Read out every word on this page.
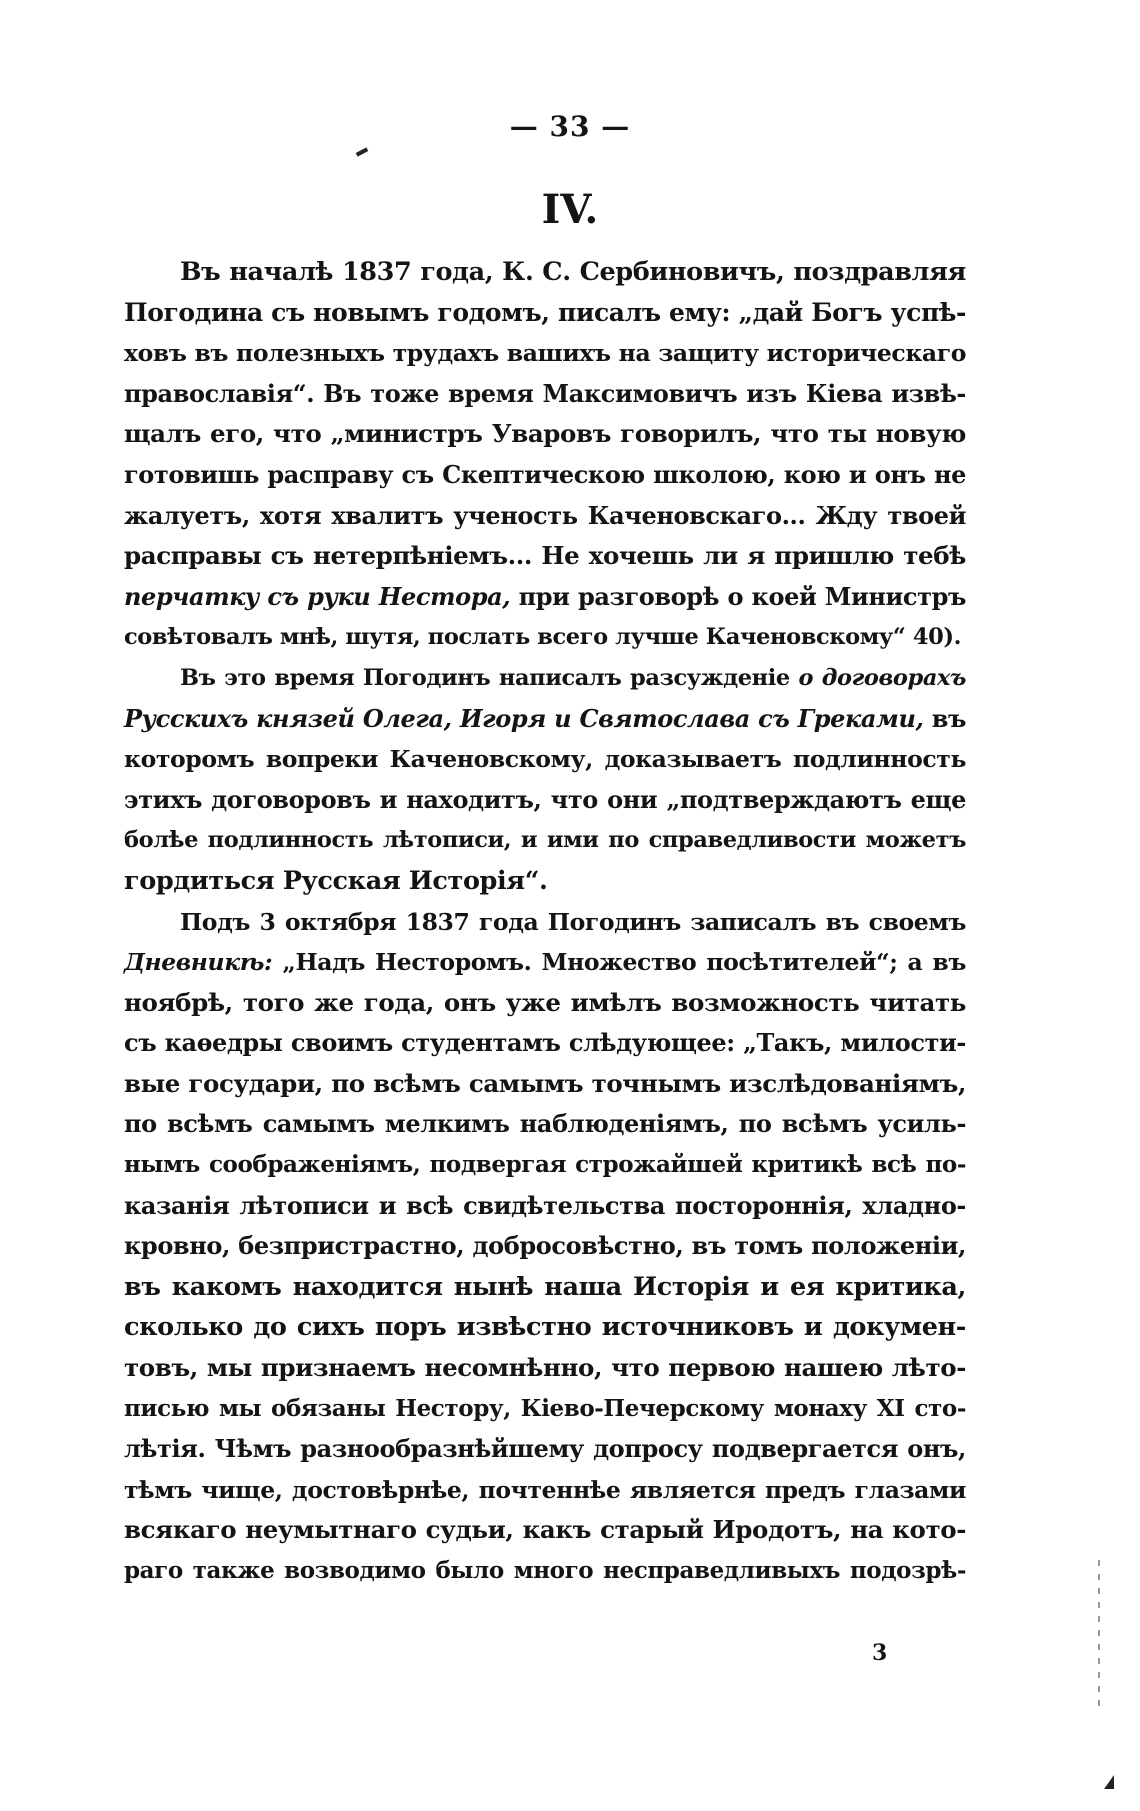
— 33 —
IV.
Въ началѣ 1837 года, К. С. Сербиновичъ, поздравляя
Погодина съ новымъ годомъ, писалъ ему: „дай Богъ успѣ-
ховъ въ полезныхъ трудахъ вашихъ на защиту историческаго
православія“. Въ тоже время Максимовичъ изъ Кіева извѣ-
щалъ его, что „министръ Уваровъ говорилъ, что ты новую
готовишь расправу съ Скептическою школою, кою и онъ не
жалуетъ, хотя хвалитъ ученость Каченовскаго... Жду твоей
расправы съ нетерпѣніемъ... Не хочешь ли я пришлю тебѣ
перчатку съ руки Нестора, при разговорѣ о коей Министръ
совѣтовалъ мнѣ, шутя, послать всего лучше Каченовскому“ 40).
Въ это время Погодинъ написалъ разсужденіе о договорахъ
Русскихъ князей Олега, Игоря и Святослава съ Греками, въ
которомъ вопреки Каченовскому, доказываетъ подлинность
этихъ договоровъ и находитъ, что они „подтверждаютъ еще
болѣе подлинность лѣтописи, и ими по справедливости можетъ
гордиться Русская Исторія“.
Подъ 3 октября 1837 года Погодинъ записалъ въ своемъ
Дневникѣ: „Надъ Несторомъ. Множество посѣтителей“; а въ
ноябрѣ, того же года, онъ уже имѣлъ возможность читать
съ каѳедры своимъ студентамъ слѣдующее: „Такъ, милости-
вые государи, по всѣмъ самымъ точнымъ изслѣдованіямъ,
по всѣмъ самымъ мелкимъ наблюденіямъ, по всѣмъ усиль-
нымъ соображеніямъ, подвергая строжайшей критикѣ всѣ по-
казанія лѣтописи и всѣ свидѣтельства постороннія, хладно-
кровно, безпристрастно, добросовѣстно, въ томъ положеніи,
въ какомъ находится нынѣ наша Исторія и ея критика,
сколько до сихъ поръ извѣстно источниковъ и докумен-
товъ, мы признаемъ несомнѣнно, что первою нашею лѣто-
писью мы обязаны Нестору, Кіево-Печерскому монаху XI сто-
лѣтія. Чѣмъ разнообразнѣйшему допросу подвергается онъ,
тѣмъ чище, достовѣрнѣе, почтеннѣе является предъ глазами
всякаго неумытнаго судьи, какъ старый Иродотъ, на кото-
раго также возводимо было много несправедливыхъ подозрѣ-
3
